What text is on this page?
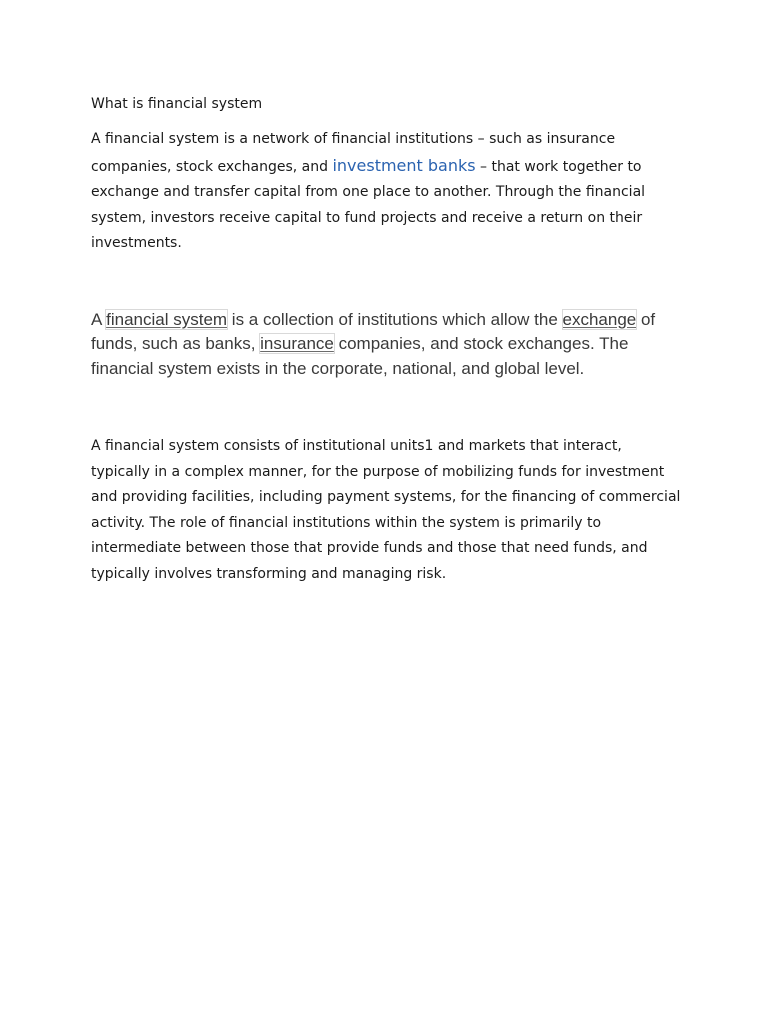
What is financial system

A financial system is a network of financial institutions – such as insurance companies, stock exchanges, and investment banks – that work together to exchange and transfer capital from one place to another. Through the financial system, investors receive capital to fund projects and receive a return on their investments.

A financial system is a collection of institutions which allow the exchange of funds, such as banks, insurance companies, and stock exchanges. The financial system exists in the corporate, national, and global level.

A financial system consists of institutional units1 and markets that interact, typically in a complex manner, for the purpose of mobilizing funds for investment and providing facilities, including payment systems, for the financing of commercial activity. The role of financial institutions within the system is primarily to intermediate between those that provide funds and those that need funds, and typically involves transforming and managing risk.
